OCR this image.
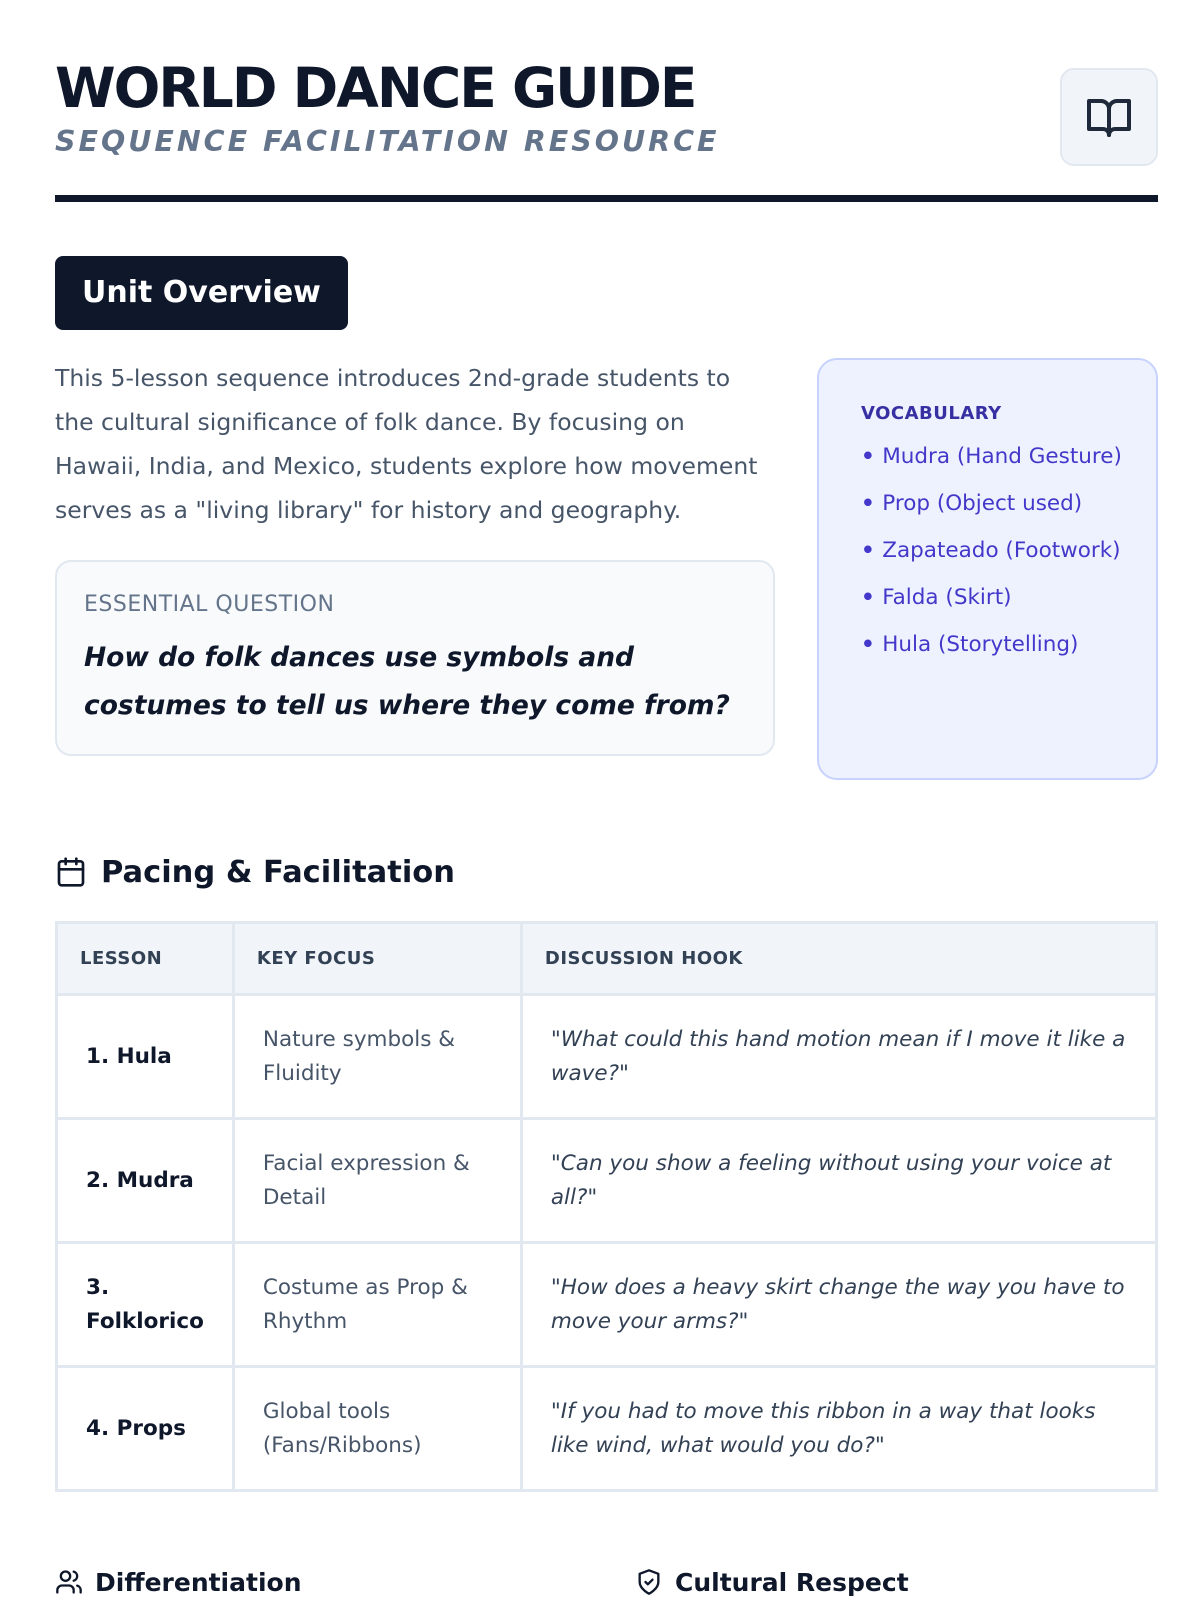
WORLD DANCE GUIDE
SEQUENCE FACILITATION RESOURCE
Unit Overview

This 5-lesson sequence introduces 2nd-grade students to the cultural significance of folk dance. By focusing on Hawaii, India, and Mexico, students explore how movement serves as a "living library" for history and geography.

ESSENTIAL QUESTION
How do folk dances use symbols and costumes to tell us where they come from?
VOCABULARY
• Mudra (Hand Gesture)
• Prop (Object used)
• Zapateado (Footwork)
• Falda (Skirt)
• Hula (Storytelling)
Pacing & Facilitation
LESSON	KEY FOCUS	DISCUSSION HOOK
1. Hula	Nature symbols & Fluidity	"What could this hand motion mean if I move it like a wave?"
2. Mudra	Facial expression & Detail	"Can you show a feeling without using your voice at all?"
3. Folklorico	Costume as Prop & Rhythm	"How does a heavy skirt change the way you have to move your arms?"
4. Props	Global tools (Fans/Ribbons)	"If you had to move this ribbon in a way that looks like wind, what would you do?"
Differentiation	Cultural Respect
